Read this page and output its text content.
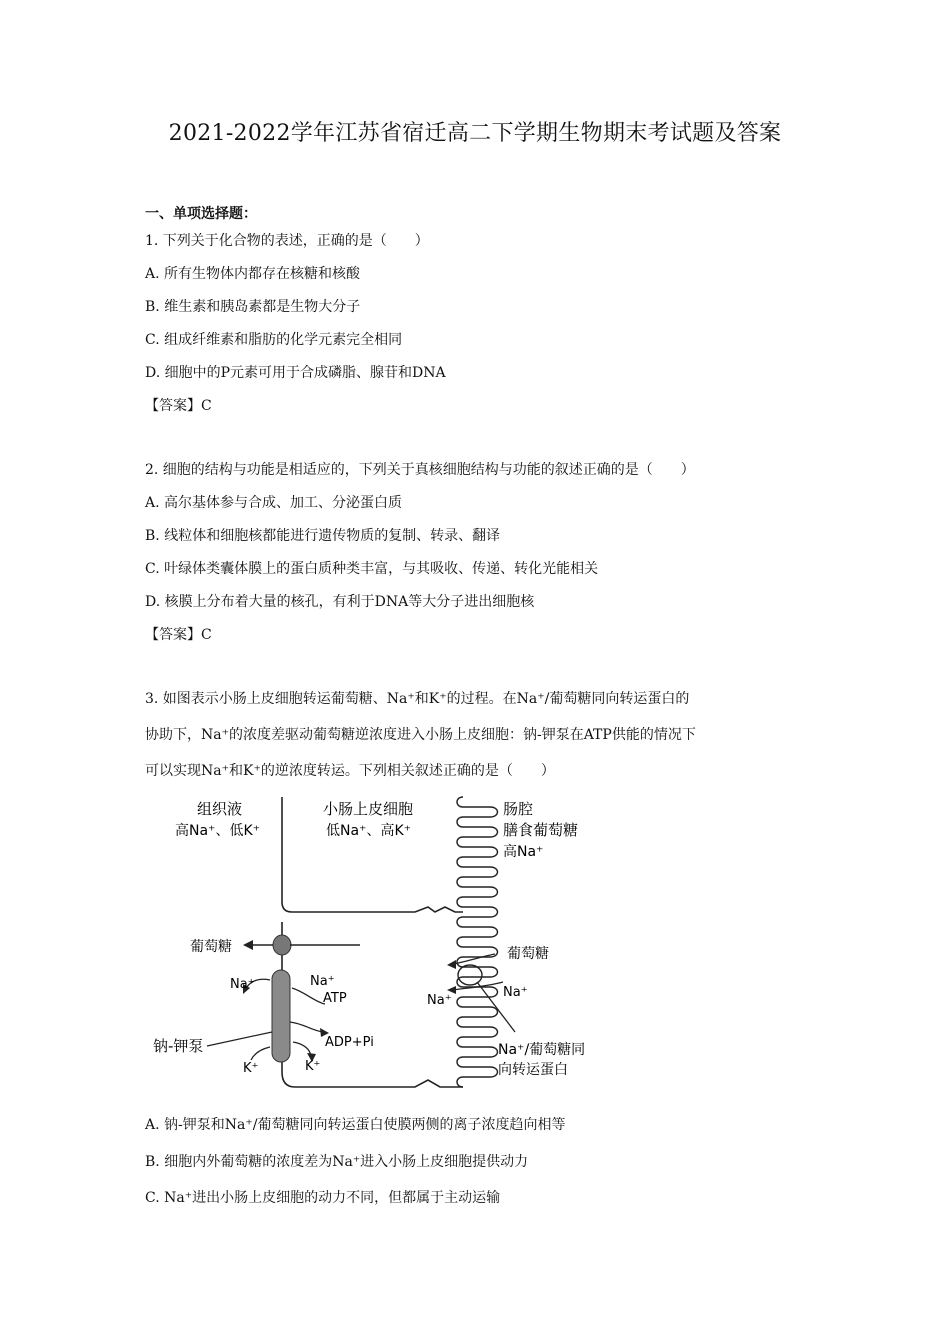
2021-2022学年江苏省宿迁高二下学期生物期末考试题及答案
一、单项选择题：
1. 下列关于化合物的表述，正确的是（　　）
A. 所有生物体内都存在核糖和核酸
B. 维生素和胰岛素都是生物大分子
C. 组成纤维素和脂肪的化学元素完全相同
D. 细胞中的P元素可用于合成磷脂、腺苷和DNA
【答案】C
2. 细胞的结构与功能是相适应的，下列关于真核细胞结构与功能的叙述正确的是（　　）
A. 高尔基体参与合成、加工、分泌蛋白质
B. 线粒体和细胞核都能进行遗传物质的复制、转录、翻译
C. 叶绿体类囊体膜上的蛋白质种类丰富，与其吸收、传递、转化光能相关
D. 核膜上分布着大量的核孔，有利于DNA等大分子进出细胞核
【答案】C
3. 如图表示小肠上皮细胞转运葡萄糖、Na⁺和K⁺的过程。在Na⁺/葡萄糖同向转运蛋白的
协助下，Na⁺的浓度差驱动葡萄糖逆浓度进入小肠上皮细胞：钠-钾泵在ATP供能的情况下
可以实现Na⁺和K⁺的逆浓度转运。下列相关叙述正确的是（　　）
组织液
高Na⁺、低K⁺
小肠上皮细胞
低Na⁺、高K⁺
肠腔
膳食葡萄糖
高Na⁺
葡萄糖	葡萄糖
Na⁺	Na⁺
ATP
ADP+Pi
钠-钾泵
K⁺	K⁺
Na⁺
Na⁺
Na⁺/葡萄糖同
向转运蛋白
A. 钠-钾泵和Na⁺/葡萄糖同向转运蛋白使膜两侧的离子浓度趋向相等
B. 细胞内外葡萄糖的浓度差为Na⁺进入小肠上皮细胞提供动力
C. Na⁺进出小肠上皮细胞的动力不同，但都属于主动运输
